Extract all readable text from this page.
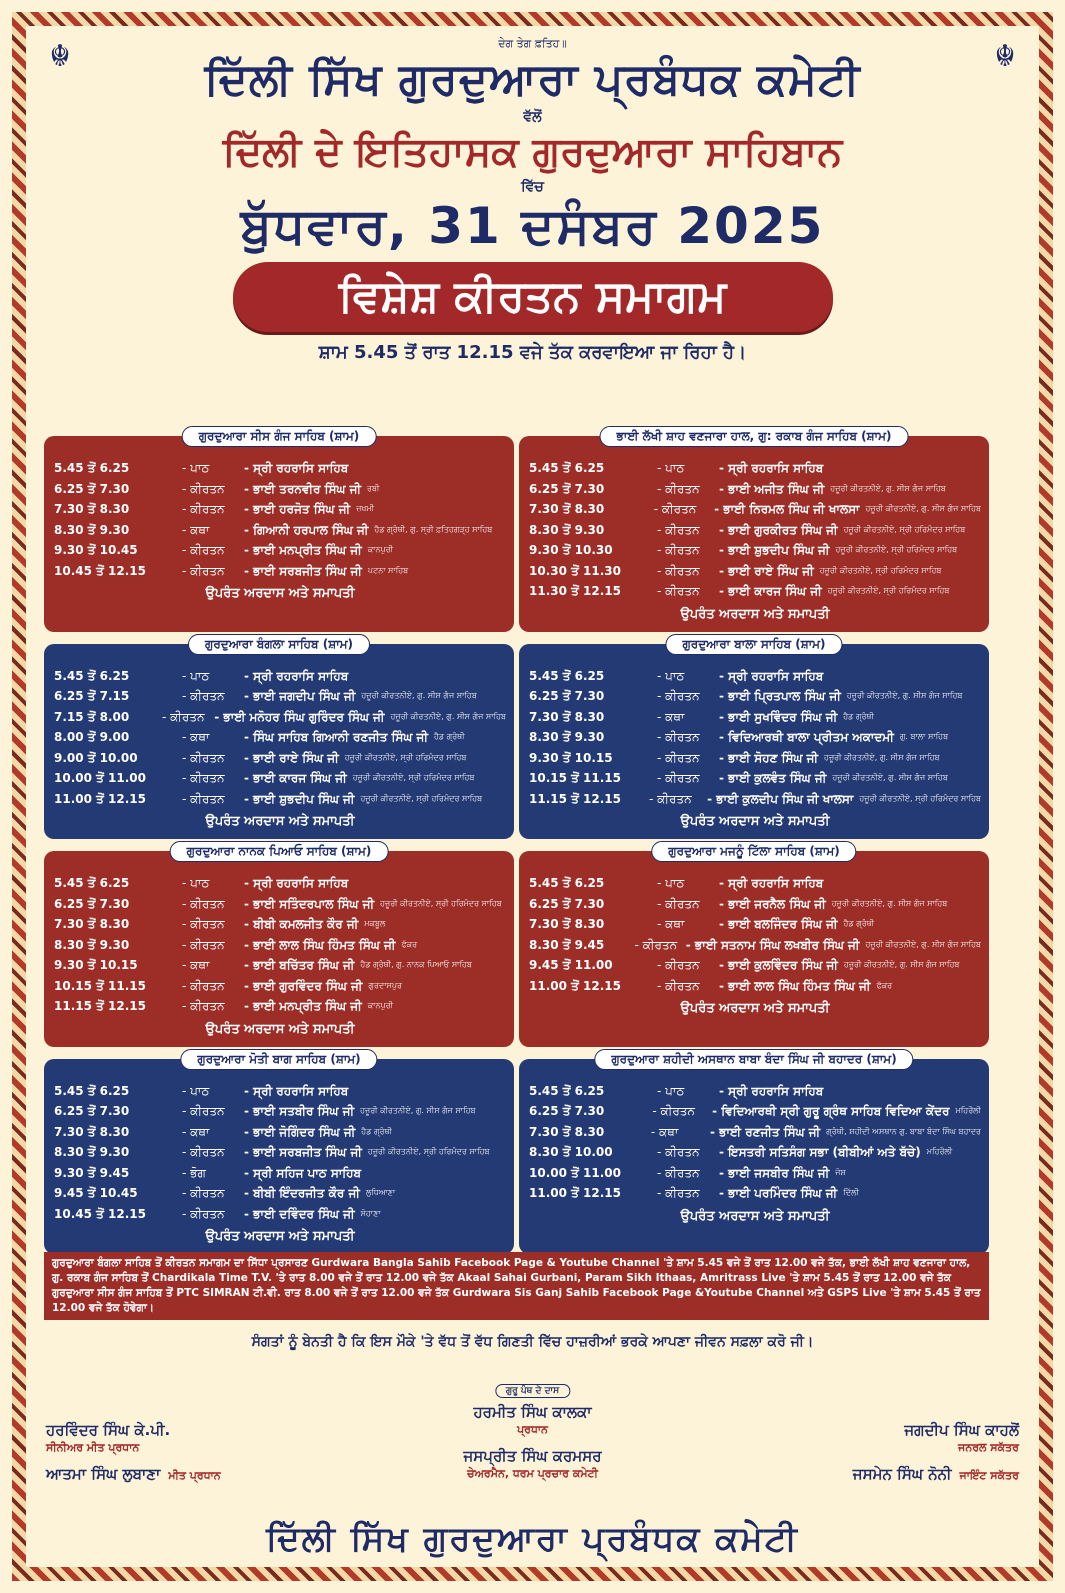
☬	☬
ਦੇਗ ਤੇਗ ਫ਼ਤਿਹ॥
ਦਿੱਲੀ ਸਿੱਖ ਗੁਰਦੁਆਰਾ ਪ੍ਰਬੰਧਕ ਕਮੇਟੀ
ਵੱਲੋਂ
ਦਿੱਲੀ ਦੇ ਇਤਿਹਾਸਕ ਗੁਰਦੁਆਰਾ ਸਾਹਿਬਾਨ
ਵਿੱਚ
ਬੁੱਧਵਾਰ, 31 ਦਸੰਬਰ 2025
ਵਿਸ਼ੇਸ਼ ਕੀਰਤਨ ਸਮਾਗਮ
ਸ਼ਾਮ 5.45 ਤੋਂ ਰਾਤ 12.15 ਵਜੇ ਤੱਕ ਕਰਵਾਇਆ ਜਾ ਰਿਹਾ ਹੈ।
ਗੁਰਦੁਆਰਾ ਸੀਸ ਗੰਜ ਸਾਹਿਬ (ਸ਼ਾਮ)
5.45 ਤੋਂ 6.25	- ਪਾਠ	- ਸ੍ਰੀ ਰਹਰਾਸਿ ਸਾਹਿਬ
6.25 ਤੋਂ 7.30	- ਕੀਰਤਨ	- ਭਾਈ ਤਰਨਵੀਰ ਸਿੰਘ ਜੀ ਰਬੀ
7.30 ਤੋਂ 8.30	- ਕੀਰਤਨ	- ਭਾਈ ਹਰਜੋਤ ਸਿੰਘ ਜੀ ਜ਼ਖਮੀ
8.30 ਤੋਂ 9.30	- ਕਥਾ	- ਗਿਆਨੀ ਹਰਪਾਲ ਸਿੰਘ ਜੀ ਹੈਡ ਗ੍ਰੰਥੀ, ਗੁ. ਸ੍ਰੀ ਫ਼ਤਿਹਗੜ੍ਹ ਸਾਹਿਬ
9.30 ਤੋਂ 10.45	- ਕੀਰਤਨ	- ਭਾਈ ਮਨਪ੍ਰੀਤ ਸਿੰਘ ਜੀ ਕਾਨਪੁਰੀ
10.45 ਤੋਂ 12.15	- ਕੀਰਤਨ	- ਭਾਈ ਸਰਬਜੀਤ ਸਿੰਘ ਜੀ ਪਟਨਾ ਸਾਹਿਬ
ਉਪਰੰਤ ਅਰਦਾਸ ਅਤੇ ਸਮਾਪਤੀ
ਭਾਈ ਲੱਖੀ ਸ਼ਾਹ ਵਣਜਾਰਾ ਹਾਲ, ਗੁ: ਰਕਾਬ ਗੰਜ ਸਾਹਿਬ (ਸ਼ਾਮ)
5.45 ਤੋਂ 6.25	- ਪਾਠ	- ਸ੍ਰੀ ਰਹਰਾਸਿ ਸਾਹਿਬ
6.25 ਤੋਂ 7.30	- ਕੀਰਤਨ	- ਭਾਈ ਅਜੀਤ ਸਿੰਘ ਜੀ ਹਜ਼ੂਰੀ ਕੀਰਤਨੀਏ, ਗੁ. ਸੀਸ ਗੰਜ ਸਾਹਿਬ
7.30 ਤੋਂ 8.30	- ਕੀਰਤਨ	- ਭਾਈ ਨਿਰਮਲ ਸਿੰਘ ਜੀ ਖਾਲਸਾ ਹਜ਼ੂਰੀ ਕੀਰਤਨੀਏ, ਗੁ. ਸੀਸ ਗੰਜ ਸਾਹਿਬ
8.30 ਤੋਂ 9.30	- ਕੀਰਤਨ	- ਭਾਈ ਗੁਰਕੀਰਤ ਸਿੰਘ ਜੀ ਹਜ਼ੂਰੀ ਕੀਰਤਨੀਏ, ਸ੍ਰੀ ਹਰਿਮੰਦਰ ਸਾਹਿਬ
9.30 ਤੋਂ 10.30	- ਕੀਰਤਨ	- ਭਾਈ ਸ਼ੁਭਦੀਪ ਸਿੰਘ ਜੀ ਹਜ਼ੂਰੀ ਕੀਰਤਨੀਏ, ਸ੍ਰੀ ਹਰਿਮੰਦਰ ਸਾਹਿਬ
10.30 ਤੋਂ 11.30	- ਕੀਰਤਨ	- ਭਾਈ ਰਾਏ ਸਿੰਘ ਜੀ ਹਜ਼ੂਰੀ ਕੀਰਤਨੀਏ, ਸ੍ਰੀ ਹਰਿਮੰਦਰ ਸਾਹਿਬ
11.30 ਤੋਂ 12.15	- ਕੀਰਤਨ	- ਭਾਈ ਕਾਰਜ ਸਿੰਘ ਜੀ ਹਜ਼ੂਰੀ ਕੀਰਤਨੀਏ, ਸ੍ਰੀ ਹਰਿਮੰਦਰ ਸਾਹਿਬ
ਉਪਰੰਤ ਅਰਦਾਸ ਅਤੇ ਸਮਾਪਤੀ
ਗੁਰਦੁਆਰਾ ਬੰਗਲਾ ਸਾਹਿਬ (ਸ਼ਾਮ)
5.45 ਤੋਂ 6.25	- ਪਾਠ	- ਸ੍ਰੀ ਰਹਰਾਸਿ ਸਾਹਿਬ
6.25 ਤੋਂ 7.15	- ਕੀਰਤਨ	- ਭਾਈ ਜਗਦੀਪ ਸਿੰਘ ਜੀ ਹਜ਼ੂਰੀ ਕੀਰਤਨੀਏ, ਗੁ. ਸੀਸ ਗੰਜ ਸਾਹਿਬ
7.15 ਤੋਂ 8.00	- ਕੀਰਤਨ - ਭਾਈ ਮਨੋਹਰ ਸਿੰਘ ਗੁਰਿੰਦਰ ਸਿੰਘ ਜੀ ਹਜ਼ੂਰੀ ਕੀਰਤਨੀਏ, ਗੁ. ਸੀਸ ਗੰਜ ਸਾਹਿਬ
8.00 ਤੋਂ 9.00	- ਕਥਾ	- ਸਿੰਘ ਸਾਹਿਬ ਗਿਆਨੀ ਰਣਜੀਤ ਸਿੰਘ ਜੀ ਹੈਡ ਗ੍ਰੰਥੀ
9.00 ਤੋਂ 10.00	- ਕੀਰਤਨ	- ਭਾਈ ਰਾਏ ਸਿੰਘ ਜੀ ਹਜ਼ੂਰੀ ਕੀਰਤਨੀਏ, ਸ੍ਰੀ ਹਰਿਮੰਦਰ ਸਾਹਿਬ
10.00 ਤੋਂ 11.00	- ਕੀਰਤਨ	- ਭਾਈ ਕਾਰਜ ਸਿੰਘ ਜੀ ਹਜ਼ੂਰੀ ਕੀਰਤਨੀਏ, ਸ੍ਰੀ ਹਰਿਮੰਦਰ ਸਾਹਿਬ
11.00 ਤੋਂ 12.15	- ਕੀਰਤਨ	- ਭਾਈ ਸ਼ੁਭਦੀਪ ਸਿੰਘ ਜੀ ਹਜ਼ੂਰੀ ਕੀਰਤਨੀਏ, ਸ੍ਰੀ ਹਰਿਮੰਦਰ ਸਾਹਿਬ
ਉਪਰੰਤ ਅਰਦਾਸ ਅਤੇ ਸਮਾਪਤੀ
ਗੁਰਦੁਆਰਾ ਬਾਲਾ ਸਾਹਿਬ (ਸ਼ਾਮ)
5.45 ਤੋਂ 6.25	- ਪਾਠ	- ਸ੍ਰੀ ਰਹਰਾਸਿ ਸਾਹਿਬ
6.25 ਤੋਂ 7.30	- ਕੀਰਤਨ	- ਭਾਈ ਪ੍ਰਿਤਪਾਲ ਸਿੰਘ ਜੀ ਹਜ਼ੂਰੀ ਕੀਰਤਨੀਏ, ਗੁ. ਸੀਸ ਗੰਜ ਸਾਹਿਬ
7.30 ਤੋਂ 8.30	- ਕਥਾ	- ਭਾਈ ਸੁਖਵਿੰਦਰ ਸਿੰਘ ਜੀ ਹੈਡ ਗ੍ਰੰਥੀ
8.30 ਤੋਂ 9.30	- ਕੀਰਤਨ	- ਵਿਦਿਆਰਥੀ ਬਾਲਾ ਪ੍ਰੀਤਮ ਅਕਾਦਮੀ ਗੁ. ਬਾਲਾ ਸਾਹਿਬ
9.30 ਤੋਂ 10.15	- ਕੀਰਤਨ	- ਭਾਈ ਸੋਹਣ ਸਿੰਘ ਜੀ ਹਜ਼ੂਰੀ ਕੀਰਤਨੀਏ, ਗੁ. ਸੀਸ ਗੰਜ ਸਾਹਿਬ
10.15 ਤੋਂ 11.15	- ਕੀਰਤਨ	- ਭਾਈ ਕੁਲਵੰਤ ਸਿੰਘ ਜੀ ਹਜ਼ੂਰੀ ਕੀਰਤਨੀਏ, ਗੁ. ਸੀਸ ਗੰਜ ਸਾਹਿਬ
11.15 ਤੋਂ 12.15	- ਕੀਰਤਨ	- ਭਾਈ ਕੁਲਦੀਪ ਸਿੰਘ ਜੀ ਖਾਲਸਾ ਹਜ਼ੂਰੀ ਕੀਰਤਨੀਏ, ਸ੍ਰੀ ਹਰਿਮੰਦਰ ਸਾਹਿਬ
ਉਪਰੰਤ ਅਰਦਾਸ ਅਤੇ ਸਮਾਪਤੀ
ਗੁਰਦੁਆਰਾ ਨਾਨਕ ਪਿਆਓ ਸਾਹਿਬ (ਸ਼ਾਮ)
5.45 ਤੋਂ 6.25	- ਪਾਠ	- ਸ੍ਰੀ ਰਹਰਾਸਿ ਸਾਹਿਬ
6.25 ਤੋਂ 7.30	- ਕੀਰਤਨ	- ਭਾਈ ਸਤਿੰਦਰਪਾਲ ਸਿੰਘ ਜੀ ਹਜ਼ੂਰੀ ਕੀਰਤਨੀਏ, ਸ੍ਰੀ ਹਰਿਮੰਦਰ ਸਾਹਿਬ
7.30 ਤੋਂ 8.30	- ਕੀਰਤਨ	- ਬੀਬੀ ਕਮਲਜੀਤ ਕੌਰ ਜੀ ਮਕਬੂਲ
8.30 ਤੋਂ 9.30	- ਕੀਰਤਨ	- ਭਾਈ ਲਾਲ ਸਿੰਘ ਹਿੰਮਤ ਸਿੰਘ ਜੀ ਫੱਕਰ
9.30 ਤੋਂ 10.15	- ਕਥਾ	- ਭਾਈ ਬਚਿੱਤਰ ਸਿੰਘ ਜੀ ਹੈਡ ਗ੍ਰੰਥੀ, ਗੁ. ਨਾਨਕ ਪਿਆਓ ਸਾਹਿਬ
10.15 ਤੋਂ 11.15	- ਕੀਰਤਨ	- ਭਾਈ ਗੁਰਵਿੰਦਰ ਸਿੰਘ ਜੀ ਗੁਰਦਾਸਪੁਰ
11.15 ਤੋਂ 12.15	- ਕੀਰਤਨ	- ਭਾਈ ਮਨਪ੍ਰੀਤ ਸਿੰਘ ਜੀ ਕਾਨਪੁਰੀ
ਉਪਰੰਤ ਅਰਦਾਸ ਅਤੇ ਸਮਾਪਤੀ
ਗੁਰਦੁਆਰਾ ਮਜਨੂੰ ਟਿੱਲਾ ਸਾਹਿਬ (ਸ਼ਾਮ)
5.45 ਤੋਂ 6.25	- ਪਾਠ	- ਸ੍ਰੀ ਰਹਰਾਸਿ ਸਾਹਿਬ
6.25 ਤੋਂ 7.30	- ਕੀਰਤਨ	- ਭਾਈ ਜਰਨੈਲ ਸਿੰਘ ਜੀ ਹਜ਼ੂਰੀ ਕੀਰਤਨੀਏ, ਗੁ. ਸੀਸ ਗੰਜ ਸਾਹਿਬ
7.30 ਤੋਂ 8.30	- ਕਥਾ	- ਭਾਈ ਬਲਜਿੰਦਰ ਸਿੰਘ ਜੀ ਹੈਡ ਗ੍ਰੰਥੀ
8.30 ਤੋਂ 9.45	- ਕੀਰਤਨ - ਭਾਈ ਸਤਨਾਮ ਸਿੰਘ ਲਖਬੀਰ ਸਿੰਘ ਜੀ ਹਜ਼ੂਰੀ ਕੀਰਤਨੀਏ, ਗੁ. ਸੀਸ ਗੰਜ ਸਾਹਿਬ
9.45 ਤੋਂ 11.00	- ਕੀਰਤਨ	- ਭਾਈ ਕੁਲਵਿੰਦਰ ਸਿੰਘ ਜੀ ਹਜ਼ੂਰੀ ਕੀਰਤਨੀਏ, ਗੁ. ਸੀਸ ਗੰਜ ਸਾਹਿਬ
11.00 ਤੋਂ 12.15	- ਕੀਰਤਨ	- ਭਾਈ ਲਾਲ ਸਿੰਘ ਹਿੰਮਤ ਸਿੰਘ ਜੀ ਫੱਕਰ
ਉਪਰੰਤ ਅਰਦਾਸ ਅਤੇ ਸਮਾਪਤੀ
ਗੁਰਦੁਆਰਾ ਮੋਤੀ ਬਾਗ ਸਾਹਿਬ (ਸ਼ਾਮ)
5.45 ਤੋਂ 6.25	- ਪਾਠ	- ਸ੍ਰੀ ਰਹਰਾਸਿ ਸਾਹਿਬ
6.25 ਤੋਂ 7.30	- ਕੀਰਤਨ	- ਭਾਈ ਸਤਬੀਰ ਸਿੰਘ ਜੀ ਹਜ਼ੂਰੀ ਕੀਰਤਨੀਏ, ਗੁ. ਸੀਸ ਗੰਜ ਸਾਹਿਬ
7.30 ਤੋਂ 8.30	- ਕਥਾ	- ਭਾਈ ਜੋਗਿੰਦਰ ਸਿੰਘ ਜੀ ਹੈਡ ਗ੍ਰੰਥੀ
8.30 ਤੋਂ 9.30	- ਕੀਰਤਨ	- ਭਾਈ ਸਰਬਜੀਤ ਸਿੰਘ ਜੀ ਹਜ਼ੂਰੀ ਕੀਰਤਨੀਏ, ਸ੍ਰੀ ਹਰਿਮੰਦਰ ਸਾਹਿਬ
9.30 ਤੋਂ 9.45	- ਭੋਗ	- ਸ੍ਰੀ ਸਹਿਜ ਪਾਠ ਸਾਹਿਬ
9.45 ਤੋਂ 10.45	- ਕੀਰਤਨ	- ਬੀਬੀ ਇੰਦਰਜੀਤ ਕੌਰ ਜੀ ਲੁਧਿਆਣਾ
10.45 ਤੋਂ 12.15	- ਕੀਰਤਨ	- ਭਾਈ ਦਵਿੰਦਰ ਸਿੰਘ ਜੀ ਸੋਹਾਣਾ
ਉਪਰੰਤ ਅਰਦਾਸ ਅਤੇ ਸਮਾਪਤੀ
ਗੁਰਦੁਆਰਾ ਸ਼ਹੀਦੀ ਅਸਥਾਨ ਬਾਬਾ ਬੰਦਾ ਸਿੰਘ ਜੀ ਬਹਾਦਰ (ਸ਼ਾਮ)
5.45 ਤੋਂ 6.25	- ਪਾਠ	- ਸ੍ਰੀ ਰਹਰਾਸਿ ਸਾਹਿਬ
6.25 ਤੋਂ 7.30	- ਕੀਰਤਨ	- ਵਿਦਿਆਰਥੀ ਸ੍ਰੀ ਗੁਰੂ ਗ੍ਰੰਥ ਸਾਹਿਬ ਵਿਦਿਆ ਕੇਂਦਰ ਮਹਿਰੌਲੀ
7.30 ਤੋਂ 8.30	- ਕਥਾ	- ਭਾਈ ਰਣਜੀਤ ਸਿੰਘ ਜੀ ਗ੍ਰੰਥੀ, ਸ਼ਹੀਦੀ ਅਸਥਾਨ ਗੁ. ਬਾਬਾ ਬੰਦਾ ਸਿੰਘ ਬਹਾਦਰ
8.30 ਤੋਂ 10.00	- ਕੀਰਤਨ	- ਇਸਤਰੀ ਸਤਿਸੰਗ ਸਭਾ (ਬੀਬੀਆਂ ਅਤੇ ਬੱਚੇ) ਮਹਿਰੌਲੀ
10.00 ਤੋਂ 11.00	- ਕੀਰਤਨ	- ਭਾਈ ਜਸਬੀਰ ਸਿੰਘ ਜੀ ਜੋਸ਼
11.00 ਤੋਂ 12.15	- ਕੀਰਤਨ	- ਭਾਈ ਪਰਮਿੰਦਰ ਸਿੰਘ ਜੀ ਦਿੱਲੀ
ਉਪਰੰਤ ਅਰਦਾਸ ਅਤੇ ਸਮਾਪਤੀ
ਗੁਰਦੁਆਰਾ ਬੰਗਲਾ ਸਾਹਿਬ ਤੋਂ ਕੀਰਤਨ ਸਮਾਗਮ ਦਾ ਸਿੱਧਾ ਪ੍ਰਸਾਰਣ Gurdwara Bangla Sahib Facebook Page & Youtube Channel 'ਤੇ ਸ਼ਾਮ 5.45 ਵਜੇ ਤੋਂ ਰਾਤ 12.00 ਵਜੇ ਤੱਕ, ਭਾਈ ਲੱਖੀ ਸ਼ਾਹ ਵਣਜਾਰਾ ਹਾਲ, ਗੁ. ਰਕਾਬ ਗੰਜ ਸਾਹਿਬ ਤੋਂ Chardikala Time T.V. 'ਤੇ ਰਾਤ 8.00 ਵਜੇ ਤੋਂ ਰਾਤ 12.00 ਵਜੇ ਤੱਕ Akaal Sahai Gurbani, Param Sikh Ithaas, Amritrass Live 'ਤੇ ਸ਼ਾਮ 5.45 ਤੋਂ ਰਾਤ 12.00 ਵਜੇ ਤੱਕ ਗੁਰਦੁਆਰਾ ਸੀਸ ਗੰਜ ਸਾਹਿਬ ਤੋਂ PTC SIMRAN ਟੀ.ਵੀ. ਰਾਤ 8.00 ਵਜੇ ਤੋਂ ਰਾਤ 12.00 ਵਜੇ ਤੱਕ Gurdwara Sis Ganj Sahib Facebook Page &Youtube Channel ਅਤੇ GSPS Live 'ਤੇ ਸ਼ਾਮ 5.45 ਤੋਂ ਰਾਤ 12.00 ਵਜੇ ਤੱਕ ਹੋਵੇਗਾ।
ਸੰਗਤਾਂ ਨੂੰ ਬੇਨਤੀ ਹੈ ਕਿ ਇਸ ਮੌਕੇ 'ਤੇ ਵੱਧ ਤੋਂ ਵੱਧ ਗਿਣਤੀ ਵਿੱਚ ਹਾਜ਼ਰੀਆਂ ਭਰਕੇ ਆਪਣਾ ਜੀਵਨ ਸਫ਼ਲਾ ਕਰੋ ਜੀ।
ਗੁਰੂ ਪੰਥ ਦੇ ਦਾਸ
ਹਰਮੀਤ ਸਿੰਘ ਕਾਲਕਾ
ਪ੍ਰਧਾਨ
ਜਸਪ੍ਰੀਤ ਸਿੰਘ ਕਰਮਸਰ
ਚੇਅਰਮੈਨ, ਧਰਮ ਪ੍ਰਚਾਰ ਕਮੇਟੀ
ਹਰਵਿੰਦਰ ਸਿੰਘ ਕੇ.ਪੀ.
ਸੀਨੀਅਰ ਮੀਤ ਪ੍ਰਧਾਨ
ਆਤਮਾ ਸਿੰਘ ਲੁਬਾਣਾ ਮੀਤ ਪ੍ਰਧਾਨ
ਜਗਦੀਪ ਸਿੰਘ ਕਾਹਲੋਂ
ਜਨਰਲ ਸਕੱਤਰ
ਜਸਮੇਨ ਸਿੰਘ ਨੋਨੀ ਜਾਇੰਟ ਸਕੱਤਰ
ਦਿੱਲੀ ਸਿੱਖ ਗੁਰਦੁਆਰਾ ਪ੍ਰਬੰਧਕ ਕਮੇਟੀ
